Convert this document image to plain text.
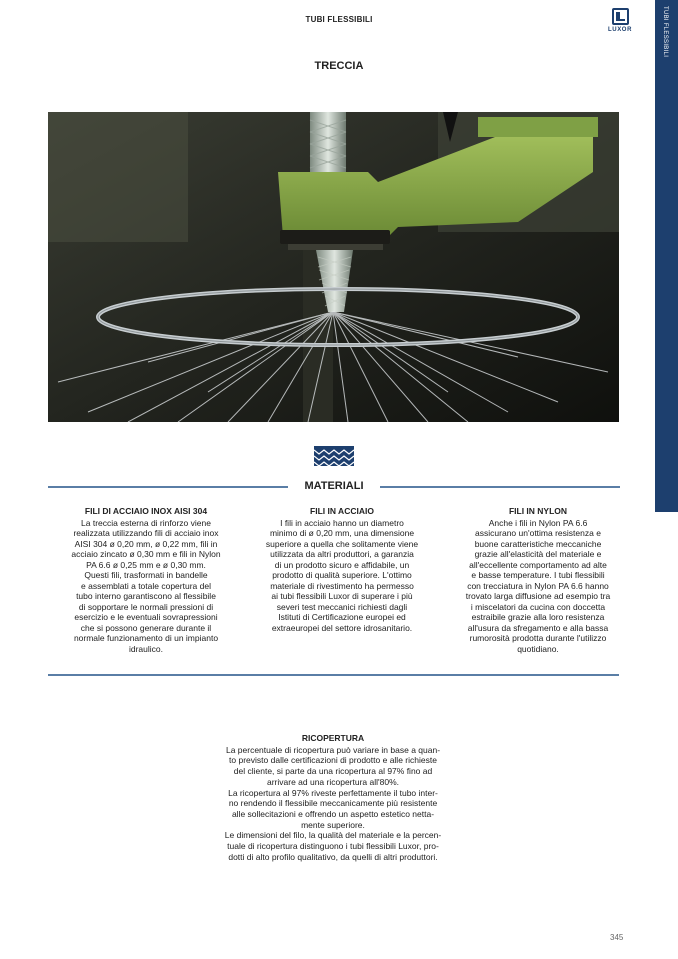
TUBI FLESSIBILI
LUXOR	TUBI FLESSIBILI
TRECCIA
MATERIALI
FILI DI ACCIAIO INOX AISI 304

La treccia esterna di rinforzo viene
realizzata utilizzando fili di acciaio inox
AISI 304 ø 0,20 mm, ø 0,22 mm, fili in
acciaio zincato ø 0,30 mm e fili in Nylon
PA 6.6 ø 0,25 mm e ø 0,30 mm.
Questi fili, trasformati in bandelle
e assemblati a totale copertura del
tubo interno garantiscono al flessibile
di sopportare le normali pressioni di
esercizio e le eventuali sovrapressioni
che si possono generare durante il
normale funzionamento di un impianto
idraulico.

FILI IN ACCIAIO

I fili in acciaio hanno un diametro
minimo di ø 0,20 mm, una dimensione
superiore a quella che solitamente viene
utilizzata da altri produttori, a garanzia
di un prodotto sicuro e affidabile, un
prodotto di qualità superiore. L'ottimo
materiale di rivestimento ha permesso
ai tubi flessibili Luxor di superare i più
severi test meccanici richiesti dagli
Istituti di Certificazione europei ed
extraeuropei del settore idrosanitario.

FILI IN NYLON

Anche i fili in Nylon PA 6.6
assicurano un'ottima resistenza e
buone caratteristiche meccaniche
grazie all'elasticità del materiale e
all'eccellente comportamento ad alte
e basse temperature. I tubi flessibili
con trecciatura in Nylon PA 6.6 hanno
trovato larga diffusione ad esempio tra
i miscelatori da cucina con doccetta
estraibile grazie alla loro resistenza
all'usura da sfregamento e alla bassa
rumorosità prodotta durante l'utilizzo
quotidiano.

RICOPERTURA

La percentuale di ricopertura può variare in base a quan-
to previsto dalle certificazioni di prodotto e alle richieste
del cliente, si parte da una ricopertura al 97% fino ad
arrivare ad una ricopertura all'80%.

La ricopertura al 97% riveste perfettamente il tubo inter-
no rendendo il flessibile meccanicamente più resistente
alle sollecitazioni e offrendo un aspetto estetico netta-
mente superiore.

Le dimensioni del filo, la qualità del materiale e la percen-
tuale di ricopertura distinguono i tubi flessibili Luxor, pro-
dotti di alto profilo qualitativo, da quelli di altri produttori.

345
